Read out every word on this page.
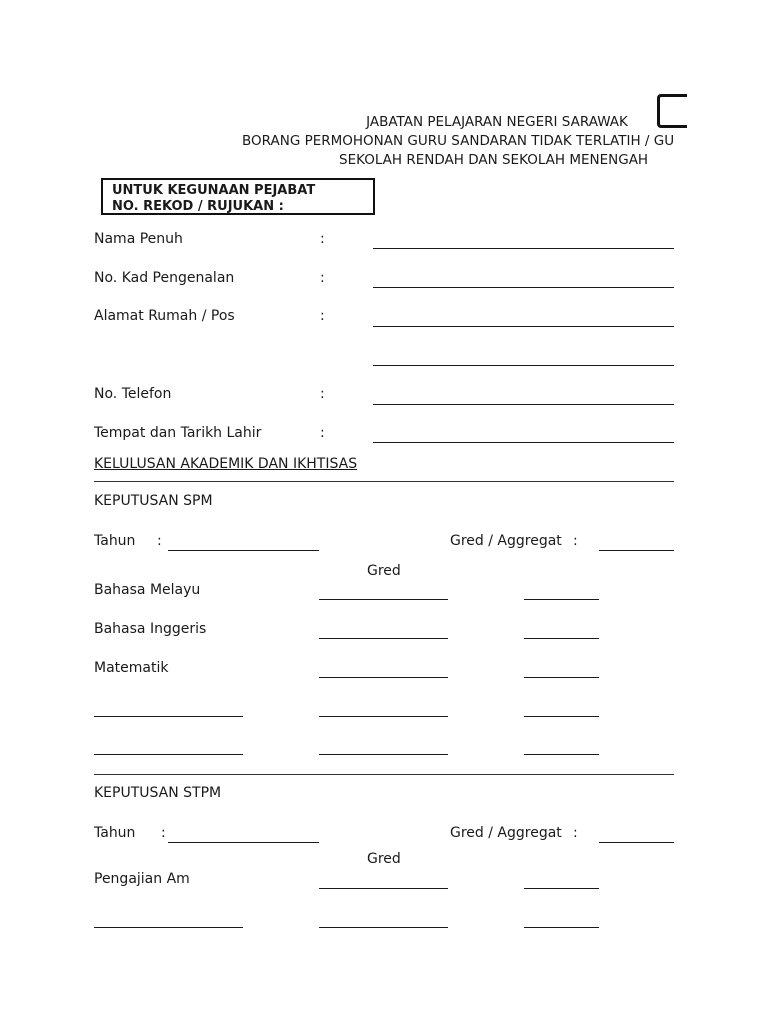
JABATAN PELAJARAN NEGERI SARAWAK
BORANG PERMOHONAN GURU SANDARAN TIDAK TERLATIH / GU
SEKOLAH RENDAH DAN SEKOLAH MENENGAH
UNTUK KEGUNAAN PEJABAT
NO. REKOD / RUJUKAN :
Nama Penuh	:
No. Kad Pengenalan	:
Alamat Rumah / Pos	:
No. Telefon	:
Tempat dan Tarikh Lahir	:
KELULUSAN AKADEMIK DAN IKHTISAS
KEPUTUSAN SPM
Tahun :	Gred / Aggregat :
Gred
Bahasa Melayu
Bahasa Inggeris
Matematik
KEPUTUSAN STPM
Tahun :	Gred / Aggregat :
Gred
Pengajian Am
